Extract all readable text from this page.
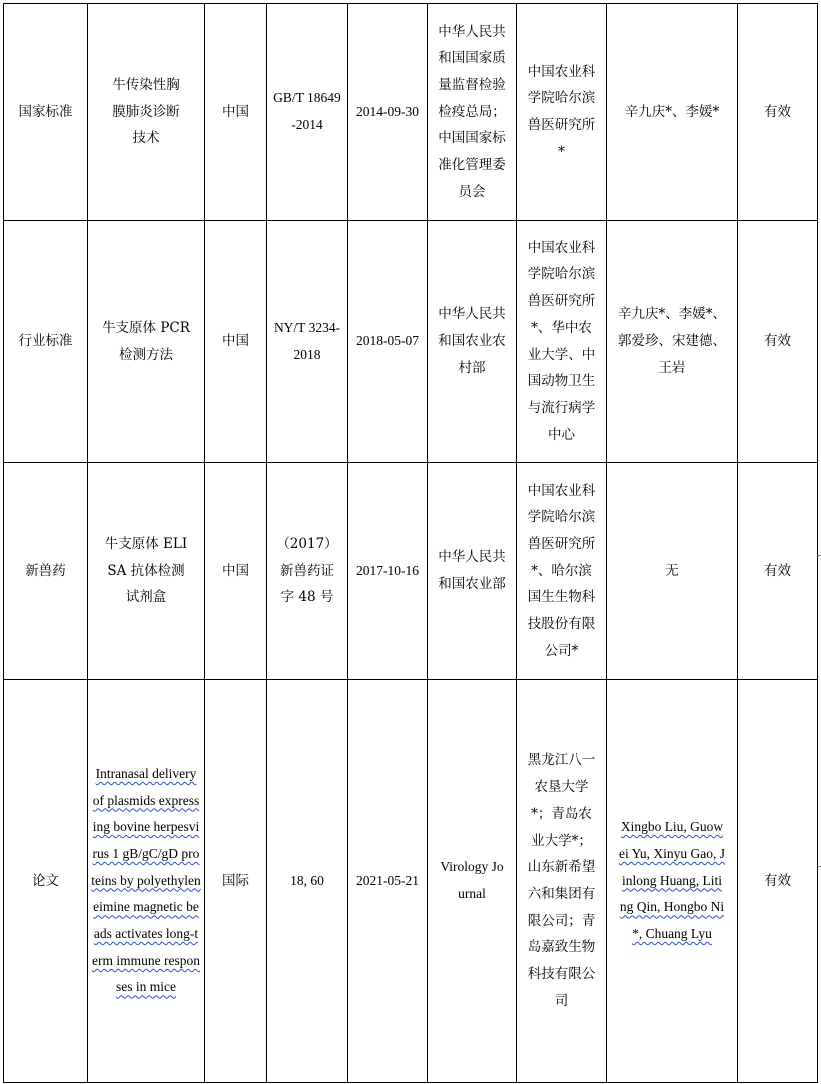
国家标准	牛传染性胸膜肺炎诊断技术	中国	GB/T 18649-2014	2014-09-30	中华人民共和国国家质量监督检验检疫总局；中国国家标准化管理委员会	中国农业科学院哈尔滨兽医研究所*	辛九庆*、李媛*	有效
行业标准	牛支原体 PCR 检测方法	中国	NY/T 3234-2018	2018-05-07	中华人民共和国农业农村部	中国农业科学院哈尔滨兽医研究所*、华中农业大学、中国动物卫生与流行病学中心	辛九庆*、李媛*、郭爱珍、宋建德、王岩	有效
新兽药	牛支原体 ELISA 抗体检测试剂盒	中国	（2017）新兽药证字 48 号	2017-10-16	中华人民共和国农业部	中国农业科学院哈尔滨兽医研究所*、哈尔滨国生生物科技股份有限公司*	无	有效
论文	Intranasal delivery of plasmids expressing bovine herpesvirus 1 gB/gC/gD proteins by polyethyleneimine magnetic beads activates long-term immune responses in mice	国际	18, 60	2021-05-21	Virology Journal	黑龙江八一农垦大学*；青岛农业大学*；山东新希望六和集团有限公司；青岛嘉致生物科技有限公司	Xingbo Liu, Guowei Yu, Xinyu Gao, Jinlong Huang, Liting Qin, Hongbo Ni*, Chuang Lyu	有效
